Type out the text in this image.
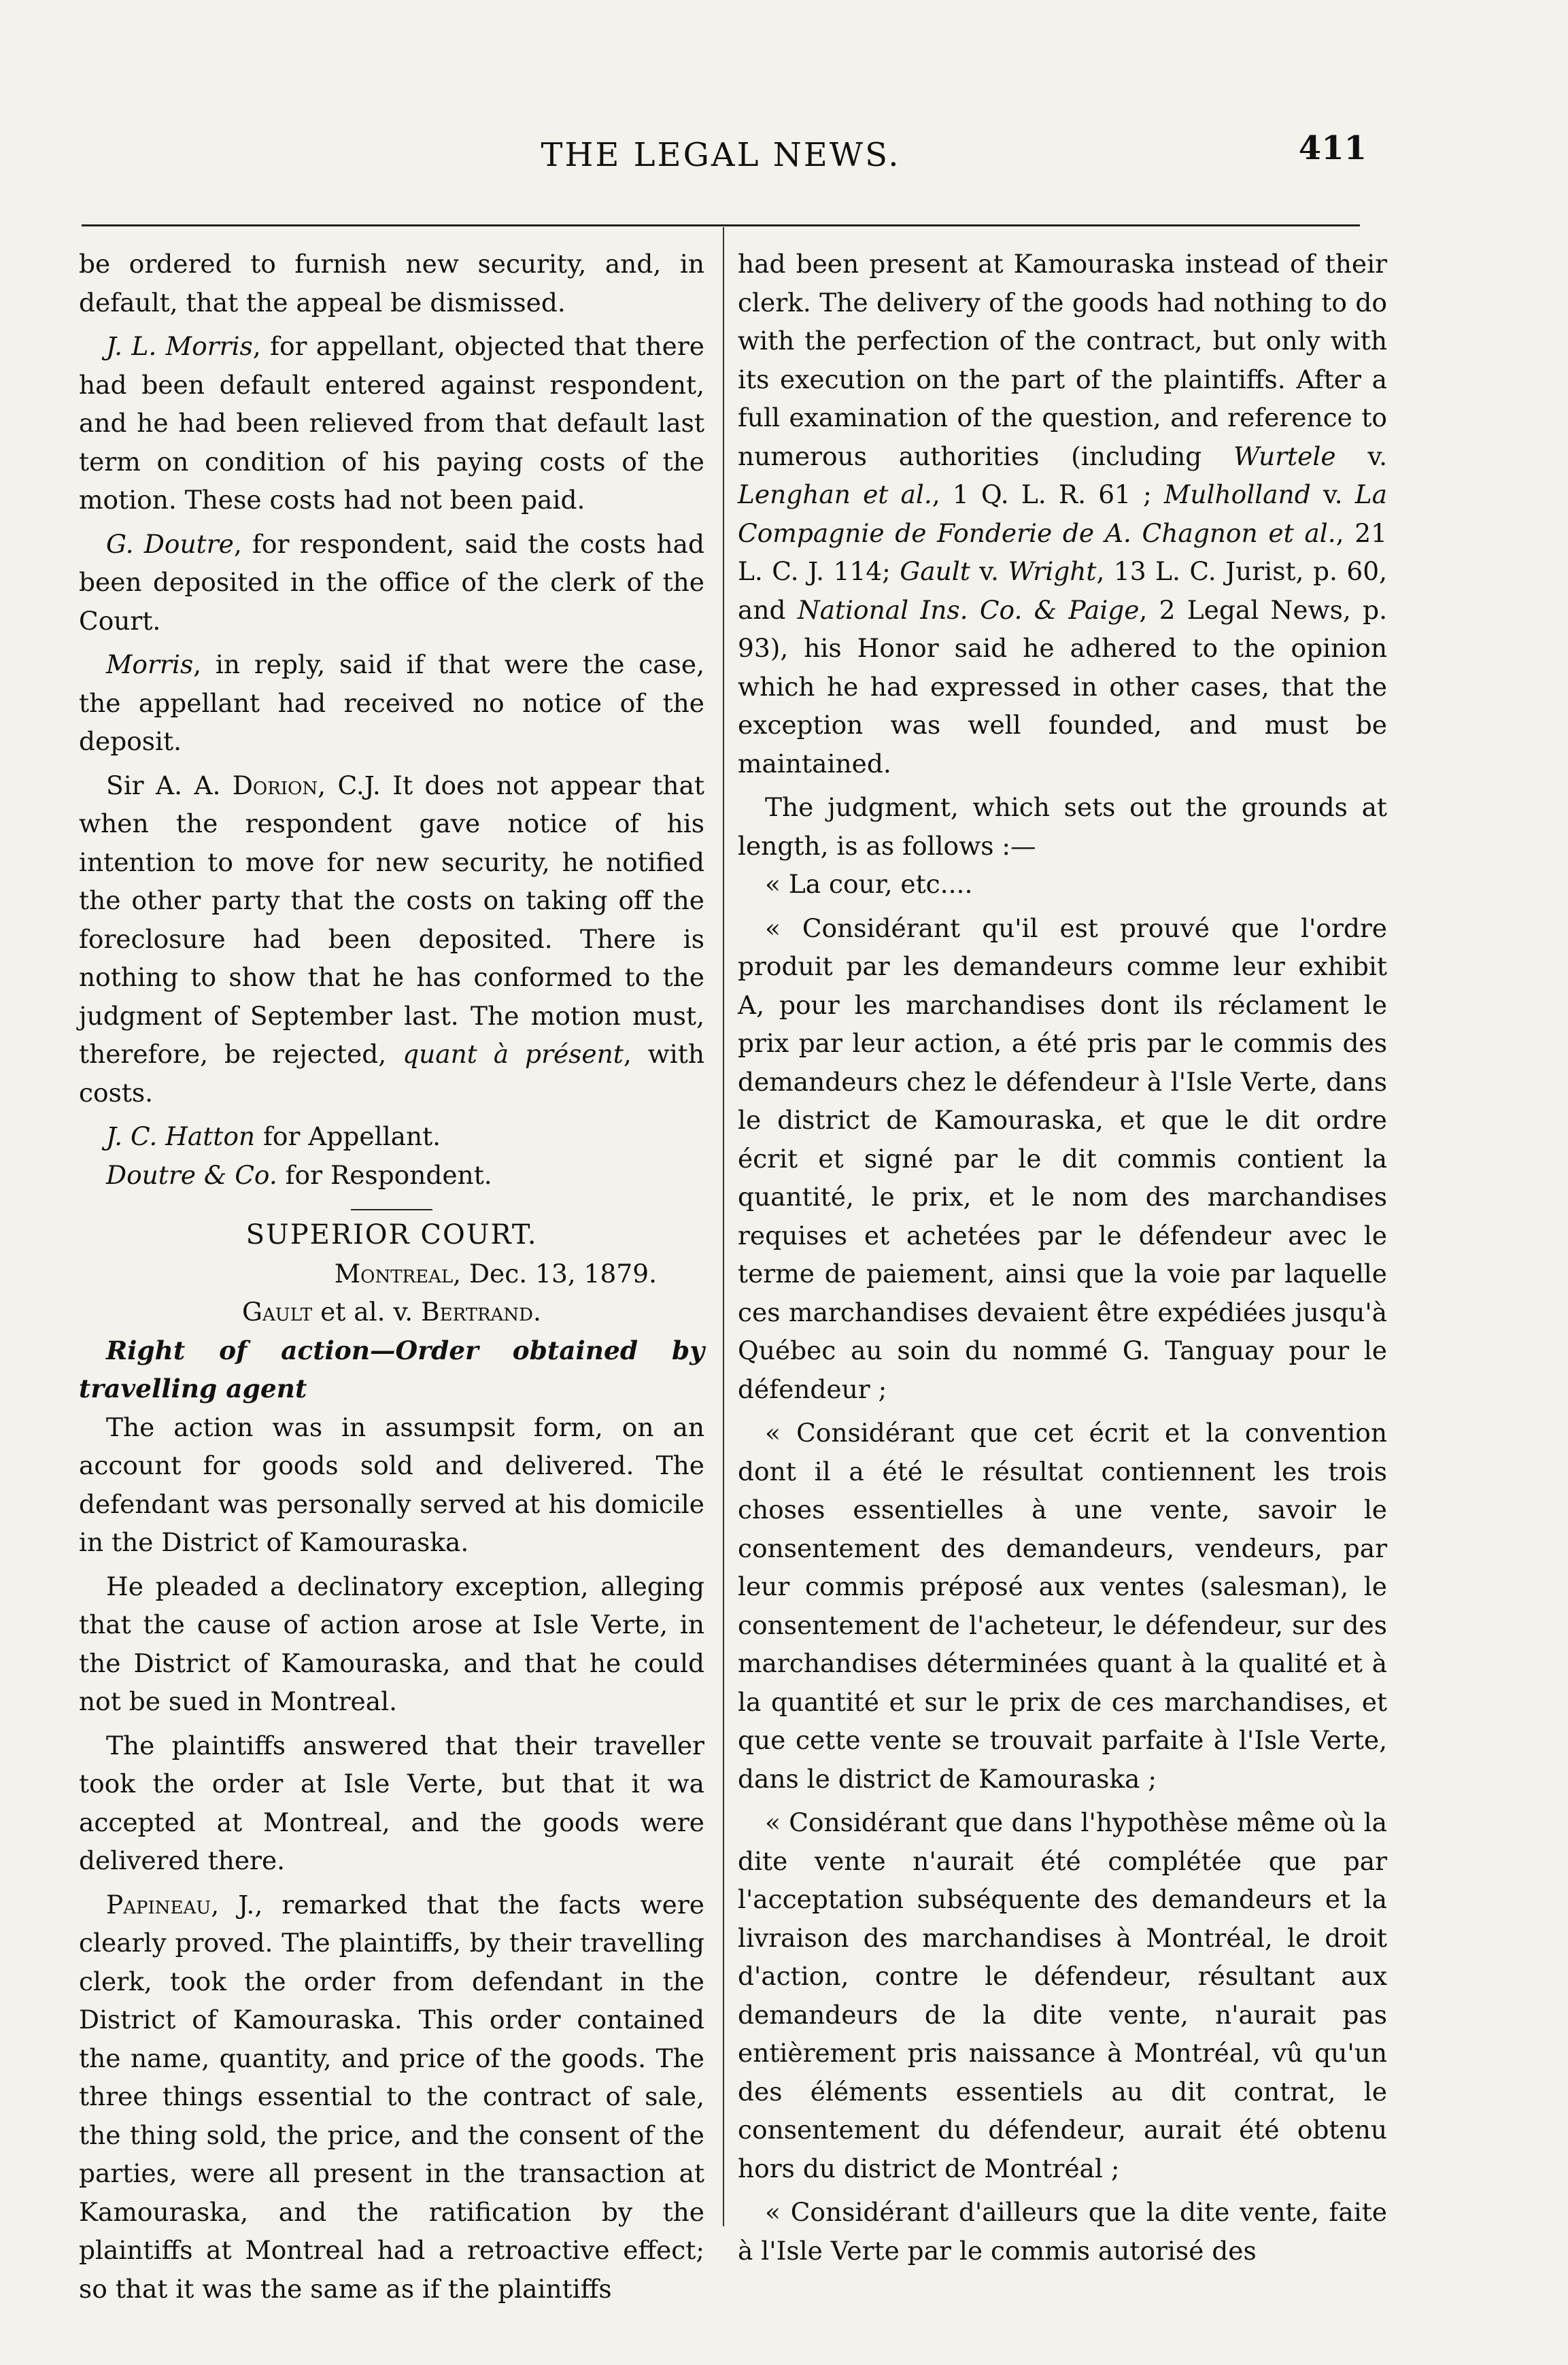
THE LEGAL NEWS.	411

be ordered to furnish new security, and, in default, that the appeal be dismissed.

J. L. Morris, for appellant, objected that there had been default entered against respondent, and he had been relieved from that default last term on condition of his paying costs of the motion. These costs had not been paid.

G. Doutre, for respondent, said the costs had been deposited in the office of the clerk of the Court.

Morris, in reply, said if that were the case, the appellant had received no notice of the deposit.

Sir A. A. Dorion, C.J. It does not appear that when the respondent gave notice of his intention to move for new security, he notified the other party that the costs on taking off the foreclosure had been deposited. There is nothing to show that he has conformed to the judgment of September last. The motion must, therefore, be rejected, quant à présent, with costs.

J. C. Hatton for Appellant.

Doutre & Co. for Respondent.

SUPERIOR COURT.
Montreal, Dec. 13, 1879.
Gault et al. v. Bertrand.

Right of action—Order obtained by travelling agent

The action was in assumpsit form, on an account for goods sold and delivered. The defendant was personally served at his domicile in the District of Kamouraska.

He pleaded a declinatory exception, alleging that the cause of action arose at Isle Verte, in the District of Kamouraska, and that he could not be sued in Montreal.

The plaintiffs answered that their traveller took the order at Isle Verte, but that it wa accepted at Montreal, and the goods were delivered there.

Papineau, J., remarked that the facts were clearly proved. The plaintiffs, by their travelling clerk, took the order from defendant in the District of Kamouraska. This order contained the name, quantity, and price of the goods. The three things essential to the contract of sale, the thing sold, the price, and the consent of the parties, were all present in the transaction at Kamouraska, and the ratification by the plaintiffs at Montreal had a retroactive effect; so that it was the same as if the plaintiffs

had been present at Kamouraska instead of their clerk. The delivery of the goods had nothing to do with the perfection of the contract, but only with its execution on the part of the plaintiffs. After a full examination of the question, and reference to numerous authorities (including Wurtele v. Lenghan et al., 1 Q. L. R. 61 ; Mulholland v. La Compagnie de Fonderie de A. Chagnon et al., 21 L. C. J. 114; Gault v. Wright, 13 L. C. Jurist, p. 60, and National Ins. Co. & Paige, 2 Legal News, p. 93), his Honor said he adhered to the opinion which he had expressed in other cases, that the exception was well founded, and must be maintained.

The judgment, which sets out the grounds at length, is as follows :—

« La cour, etc....

« Considérant qu'il est prouvé que l'ordre produit par les demandeurs comme leur exhibit A, pour les marchandises dont ils réclament le prix par leur action, a été pris par le commis des demandeurs chez le défendeur à l'Isle Verte, dans le district de Kamouraska, et que le dit ordre écrit et signé par le dit commis contient la quantité, le prix, et le nom des marchandises requises et achetées par le défendeur avec le terme de paiement, ainsi que la voie par laquelle ces marchandises devaient être expédiées jusqu'à Québec au soin du nommé G. Tanguay pour le défendeur ;

« Considérant que cet écrit et la convention dont il a été le résultat contiennent les trois choses essentielles à une vente, savoir le consentement des demandeurs, vendeurs, par leur commis préposé aux ventes (salesman), le consentement de l'acheteur, le défendeur, sur des marchandises déterminées quant à la qualité et à la quantité et sur le prix de ces marchandises, et que cette vente se trouvait parfaite à l'Isle Verte, dans le district de Kamouraska ;

« Considérant que dans l'hypothèse même où la dite vente n'aurait été complétée que par l'acceptation subséquente des demandeurs et la livraison des marchandises à Montréal, le droit d'action, contre le défendeur, résultant aux demandeurs de la dite vente, n'aurait pas entièrement pris naissance à Montréal, vû qu'un des éléments essentiels au dit contrat, le consentement du défendeur, aurait été obtenu hors du district de Montréal ;

« Considérant d'ailleurs que la dite vente, faite à l'Isle Verte par le commis autorisé des
